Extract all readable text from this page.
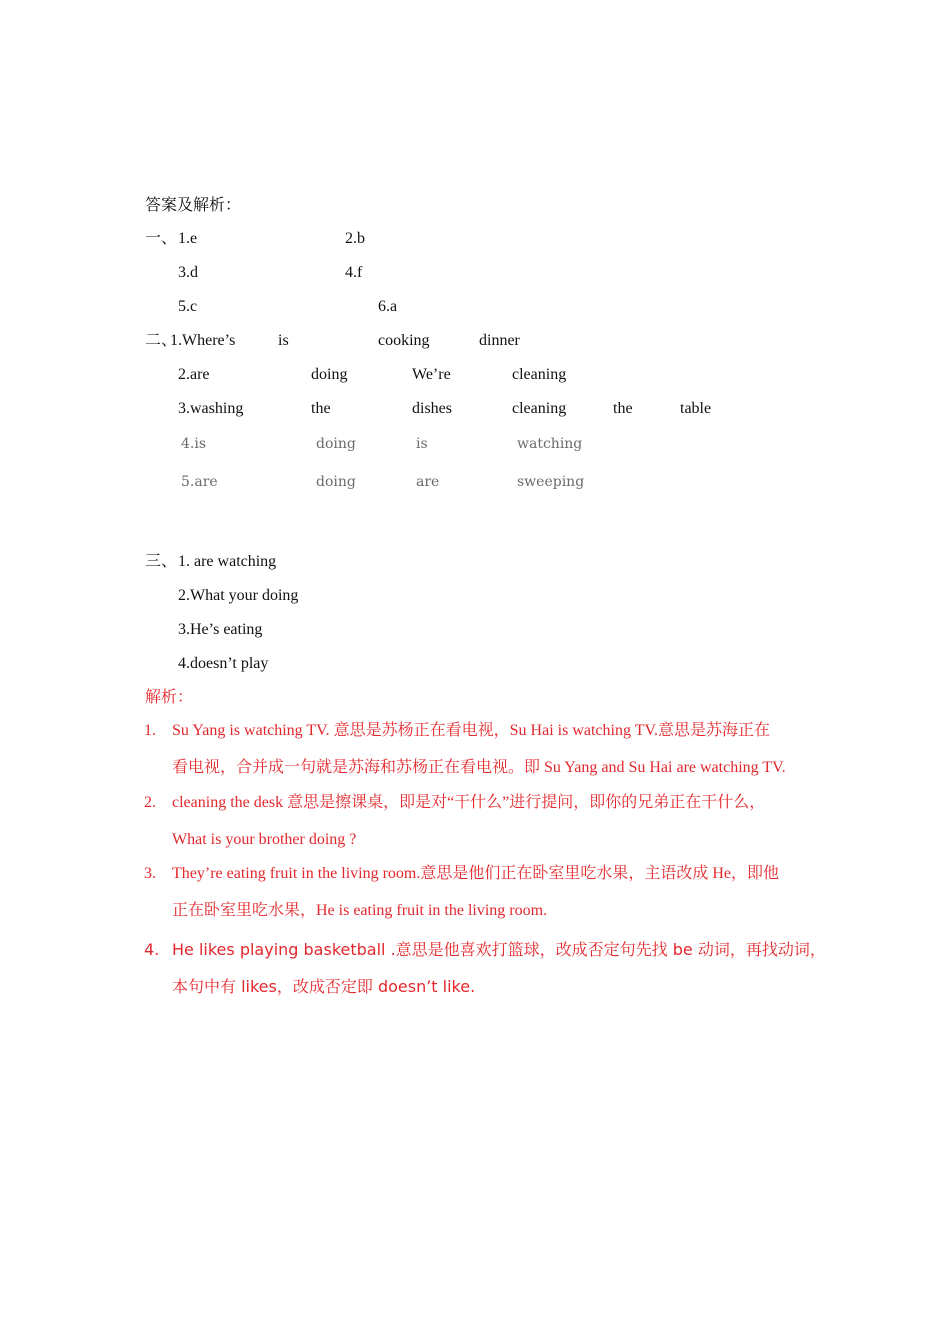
答案及解析：
一、 1.e	2.b
3.d	4.f
5.c	6.a
二、
1.Where’s	is	cooking	dinner
2.are	doing	We’re	cleaning
3.washing	the	dishes	cleaning	the	table
4.is	doing	is	watching
5.are	doing	are	sweeping
三、 1. are watching
2.What your doing
3.He’s eating
4.doesn’t play
解析：
1.	Su Yang is watching TV. 意思是苏杨正在看电视，Su Hai is watching TV.意思是苏海正在
看电视，合并成一句就是苏海和苏杨正在看电视。即 Su Yang and Su Hai are watching TV.
2.	cleaning the desk 意思是擦课桌，即是对“干什么”进行提问，即你的兄弟正在干什么，
What is your brother doing ?
3.	They’re eating fruit in the living room.意思是他们正在卧室里吃水果，主语改成 He，即他
正在卧室里吃水果，He is eating fruit in the living room.
4. He likes playing basketball .意思是他喜欢打篮球，改成否定句先找 be 动词，再找动词，
本句中有 likes，改成否定即 doesn’t like.
